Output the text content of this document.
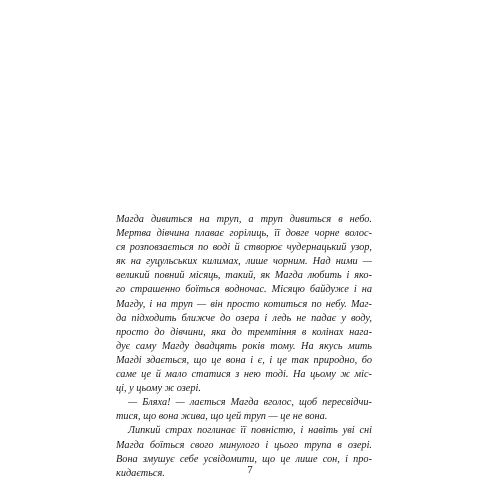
Магда дивиться на труп, а труп дивиться в небо.
Мертва дівчина плаває горілиць, її довге чорне волос-
ся розповзається по воді й створює чудернацький узор,
як на гуцульських килимах, лише чорним. Над ними —
великий повний місяць, такий, як Магда любить і яко-
го страшенно боїться водночас. Місяцю байдуже і на
Магду, і на труп — він просто котиться по небу. Маг-
да підходить ближче до озера і ледь не падає у воду,
просто до дівчини, яка до тремтіння в колінах нага-
дує саму Магду двадцять років тому. На якусь мить
Магді здається, що це вона і є, і це так природно, бо
саме це й мало статися з нею тоді. На цьому ж міс-
ці, у цьому ж озері.
— Бляха! — лається Магда вголос, щоб пересвідчи-
тися, що вона жива, що цей труп — це не вона.
Липкий страх поглинає її повністю, і навіть уві сні
Магда боїться свого минулого і цього трупа в озері.
Вона змушує себе усвідомити, що це лише сон, і про-
кидається.	7
